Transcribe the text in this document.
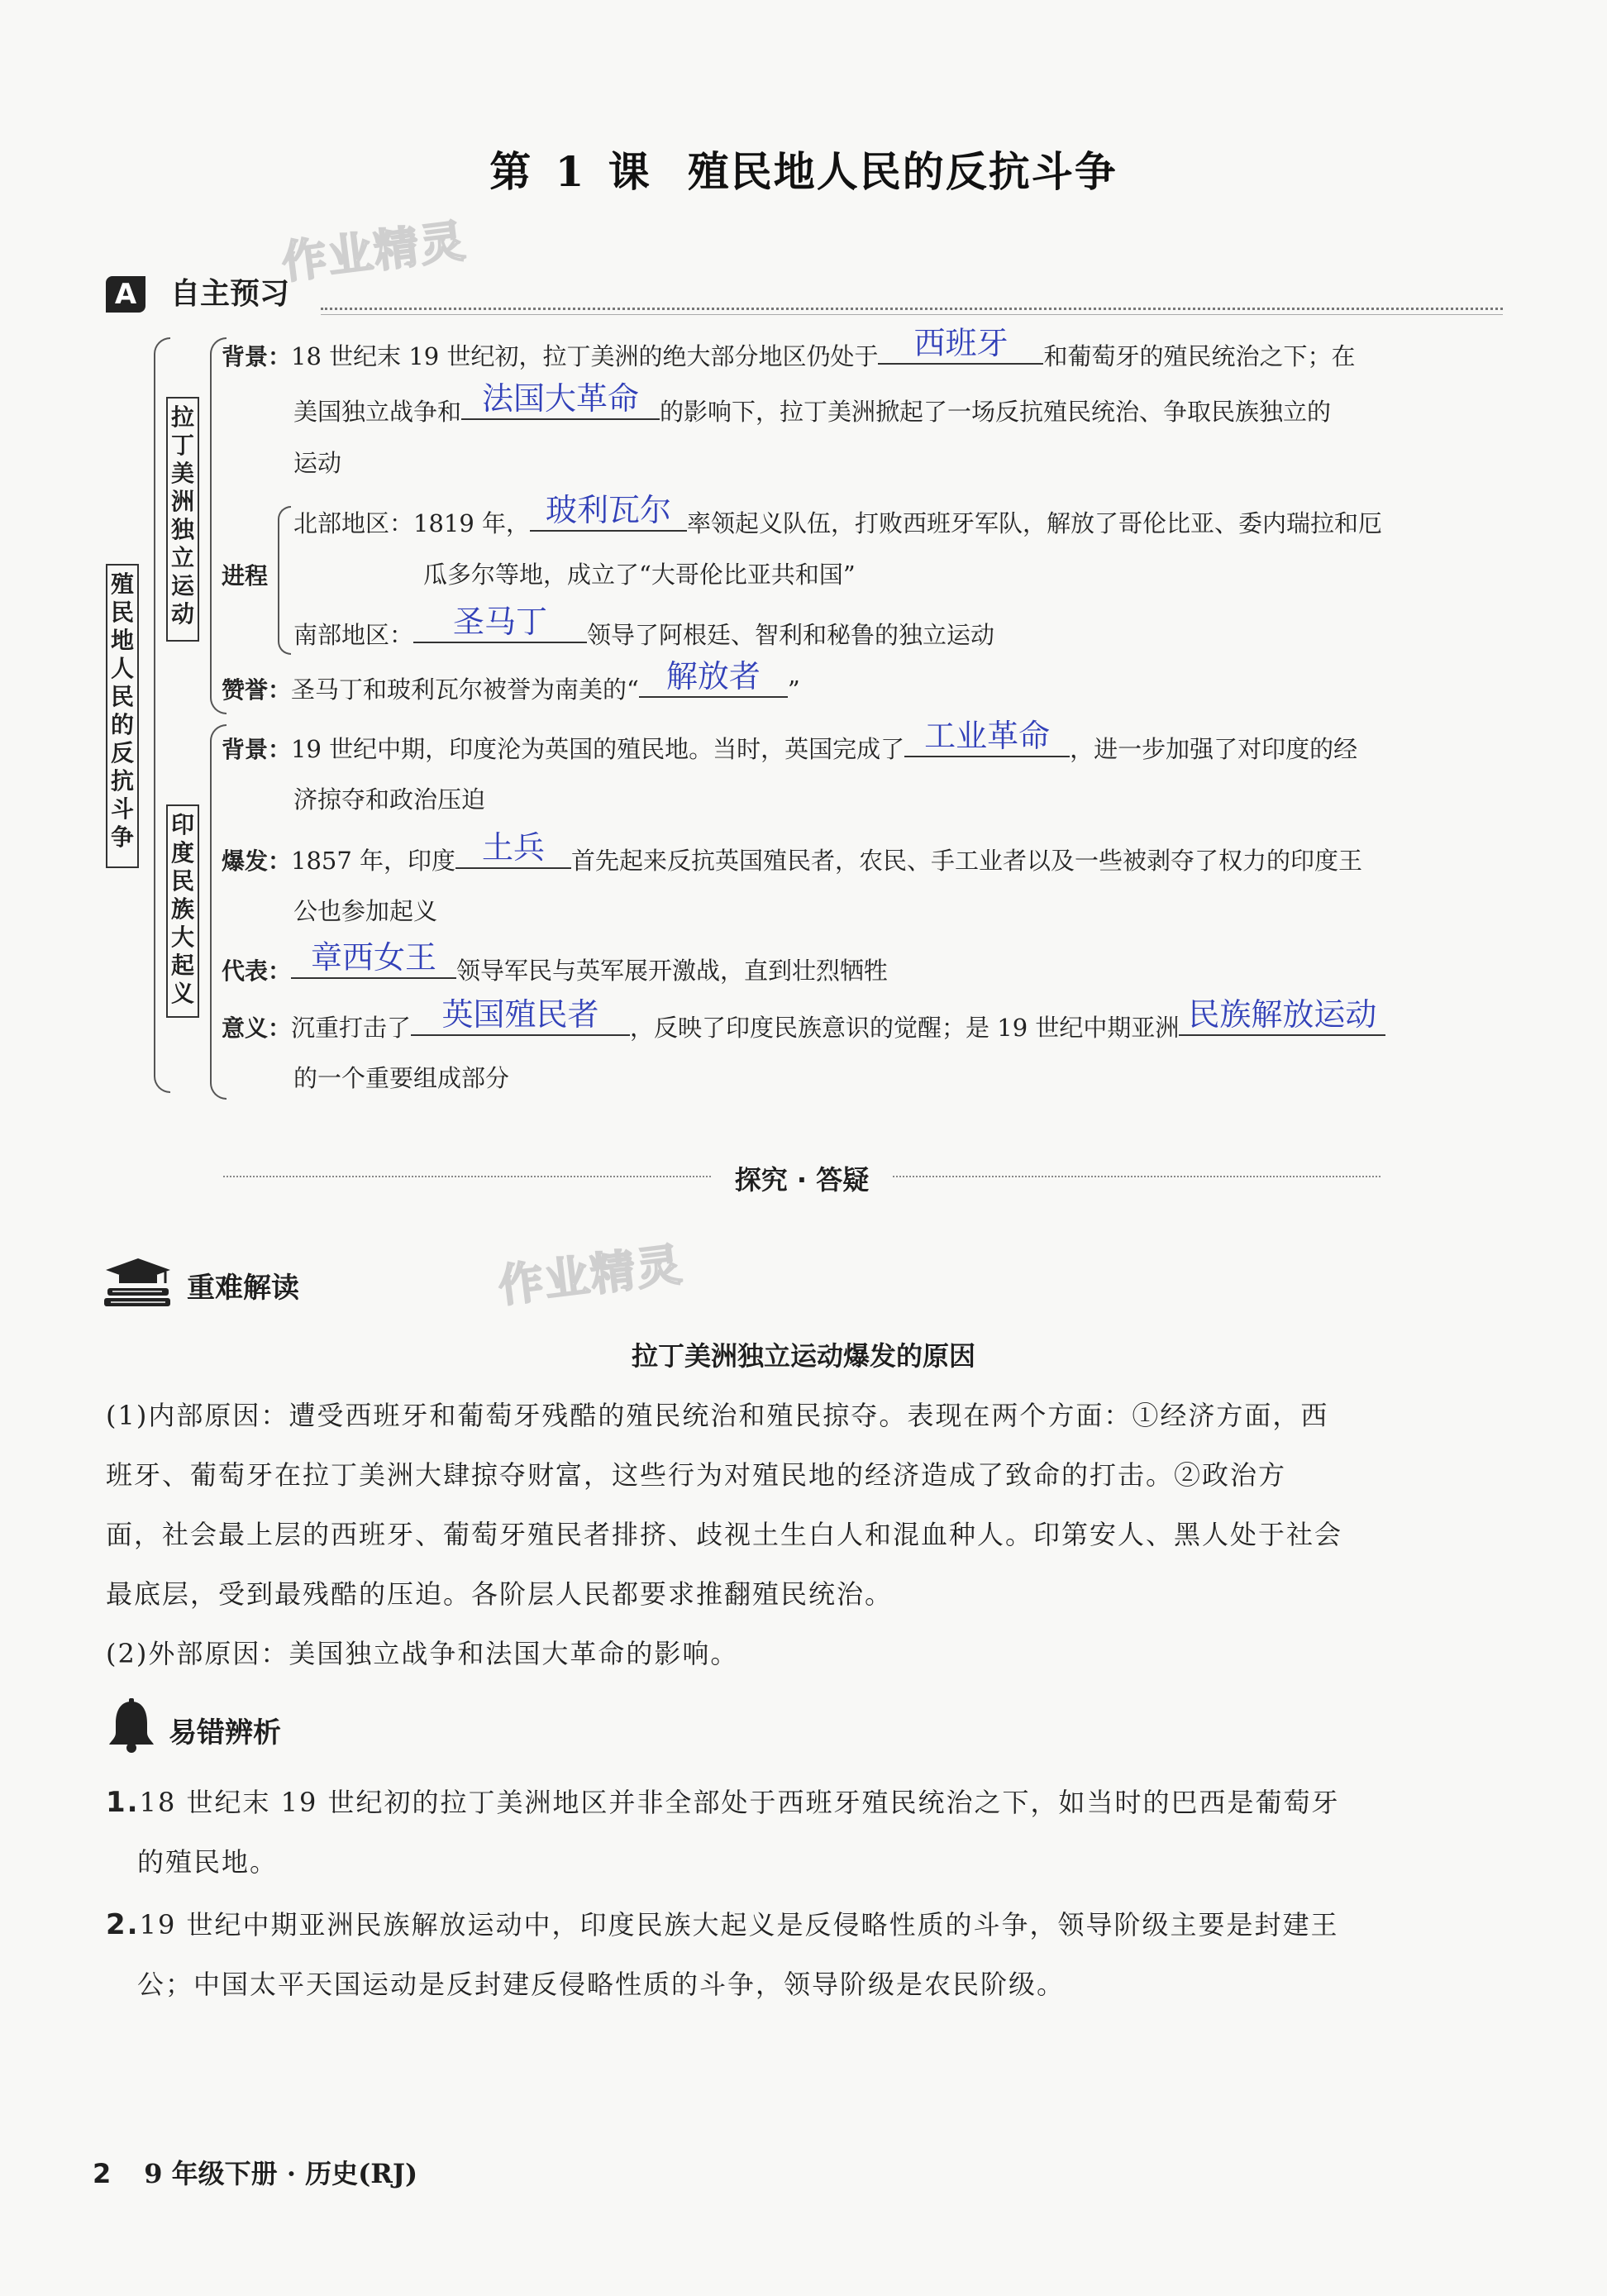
第 1 课 殖民地人民的反抗斗争
作业精灵
作业精灵
A	自主预习
殖民地人民的反抗斗争
拉丁美洲独立运动
印度民族大起义
背景：18 世纪末 19 世纪初，拉丁美洲的绝大部分地区仍处于	西班牙	和葡萄牙的殖民统治之下；在
美国独立战争和 法国大革命 的影响下，拉丁美洲掀起了一场反抗殖民统治、争取民族独立的
运动
进程
北部地区：1819 年， 玻利瓦尔 率领起义队伍，打败西班牙军队，解放了哥伦比亚、委内瑞拉和厄
瓜多尔等地，成立了“大哥伦比亚共和国”
南部地区：	圣马丁	领导了阿根廷、智利和秘鲁的独立运动
赞誉：圣马丁和玻利瓦尔被誉为南美的“ 解放者	”
背景：19 世纪中期，印度沦为英国的殖民地。当时，英国完成了 工业革命 ，进一步加强了对印度的经
济掠夺和政治压迫
爆发：1857 年，印度 土兵	首先起来反抗英国殖民者，农民、手工业者以及一些被剥夺了权力的印度王
公也参加起义
代表： 章西女王 领导军民与英军展开激战，直到壮烈牺牲
意义：沉重打击了 英国殖民者	，反映了印度民族意识的觉醒；是 19 世纪中期亚洲 民族解放运动
的一个重要组成部分
探究 · 答疑
重难解读
拉丁美洲独立运动爆发的原因
(1)内部原因：遭受西班牙和葡萄牙残酷的殖民统治和殖民掠夺。表现在两个方面：①经济方面，西
班牙、葡萄牙在拉丁美洲大肆掠夺财富，这些行为对殖民地的经济造成了致命的打击。②政治方
面，社会最上层的西班牙、葡萄牙殖民者排挤、歧视土生白人和混血种人。印第安人、黑人处于社会
最底层，受到最残酷的压迫。各阶层人民都要求推翻殖民统治。
(2)外部原因：美国独立战争和法国大革命的影响。
易错辨析
1.18 世纪末 19 世纪初的拉丁美洲地区并非全部处于西班牙殖民统治之下，如当时的巴西是葡萄牙
的殖民地。
2.19 世纪中期亚洲民族解放运动中，印度民族大起义是反侵略性质的斗争，领导阶级主要是封建王
公；中国太平天国运动是反封建反侵略性质的斗争，领导阶级是农民阶级。
2 9 年级下册 · 历史(RJ)
